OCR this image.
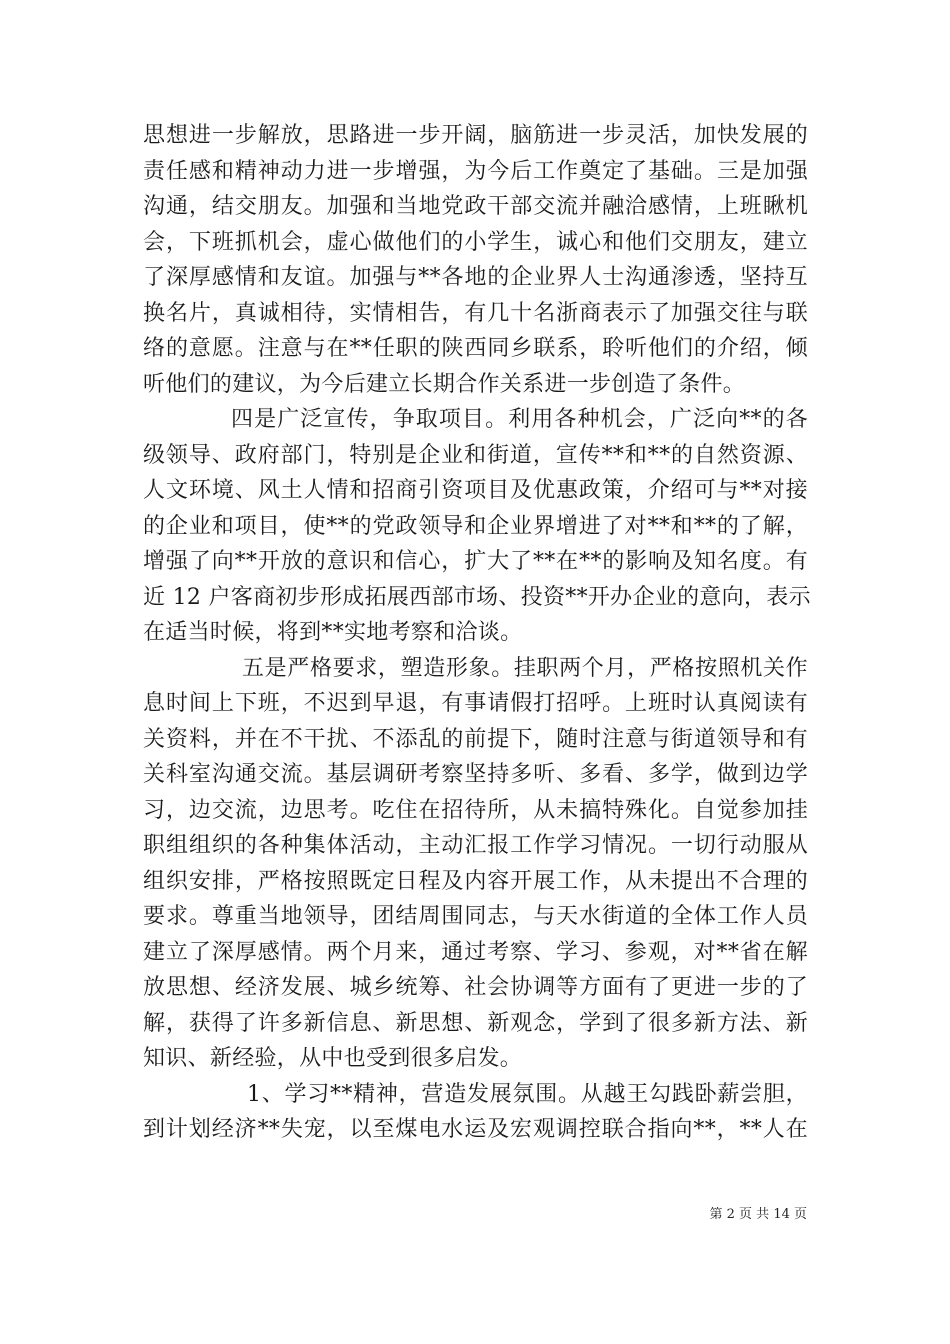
思想进一步解放，思路进一步开阔，脑筋进一步灵活，加快发展的
责任感和精神动力进一步增强，为今后工作奠定了基础。三是加强
沟通，结交朋友。加强和当地党政干部交流并融洽感情，上班瞅机
会，下班抓机会，虚心做他们的小学生，诚心和他们交朋友，建立
了深厚感情和友谊。加强与**各地的企业界人士沟通渗透，坚持互
换名片，真诚相待，实情相告，有几十名浙商表示了加强交往与联
络的意愿。注意与在**任职的陕西同乡联系，聆听他们的介绍，倾
听他们的建议，为今后建立长期合作关系进一步创造了条件。
四是广泛宣传，争取项目。利用各种机会，广泛向**的各
级领导、政府部门，特别是企业和街道，宣传**和**的自然资源、
人文环境、风土人情和招商引资项目及优惠政策，介绍可与**对接
的企业和项目，使**的党政领导和企业界增进了对**和**的了解，
增强了向**开放的意识和信心，扩大了**在**的影响及知名度。有
近 12 户客商初步形成拓展西部市场、投资**开办企业的意向，表示
在适当时候，将到**实地考察和洽谈。
五是严格要求，塑造形象。挂职两个月，严格按照机关作
息时间上下班，不迟到早退，有事请假打招呼。上班时认真阅读有
关资料，并在不干扰、不添乱的前提下，随时注意与街道领导和有
关科室沟通交流。基层调研考察坚持多听、多看、多学，做到边学
习，边交流，边思考。吃住在招待所，从未搞特殊化。自觉参加挂
职组组织的各种集体活动，主动汇报工作学习情况。一切行动服从
组织安排，严格按照既定日程及内容开展工作，从未提出不合理的
要求。尊重当地领导，团结周围同志，与天水街道的全体工作人员
建立了深厚感情。两个月来，通过考察、学习、参观，对**省在解
放思想、经济发展、城乡统筹、社会协调等方面有了更进一步的了
解，获得了许多新信息、新思想、新观念，学到了很多新方法、新
知识、新经验，从中也受到很多启发。
1、学习**精神，营造发展氛围。从越王勾践卧薪尝胆，
到计划经济**失宠，以至煤电水运及宏观调控联合指向**，**人在
第 2 页 共 14 页
